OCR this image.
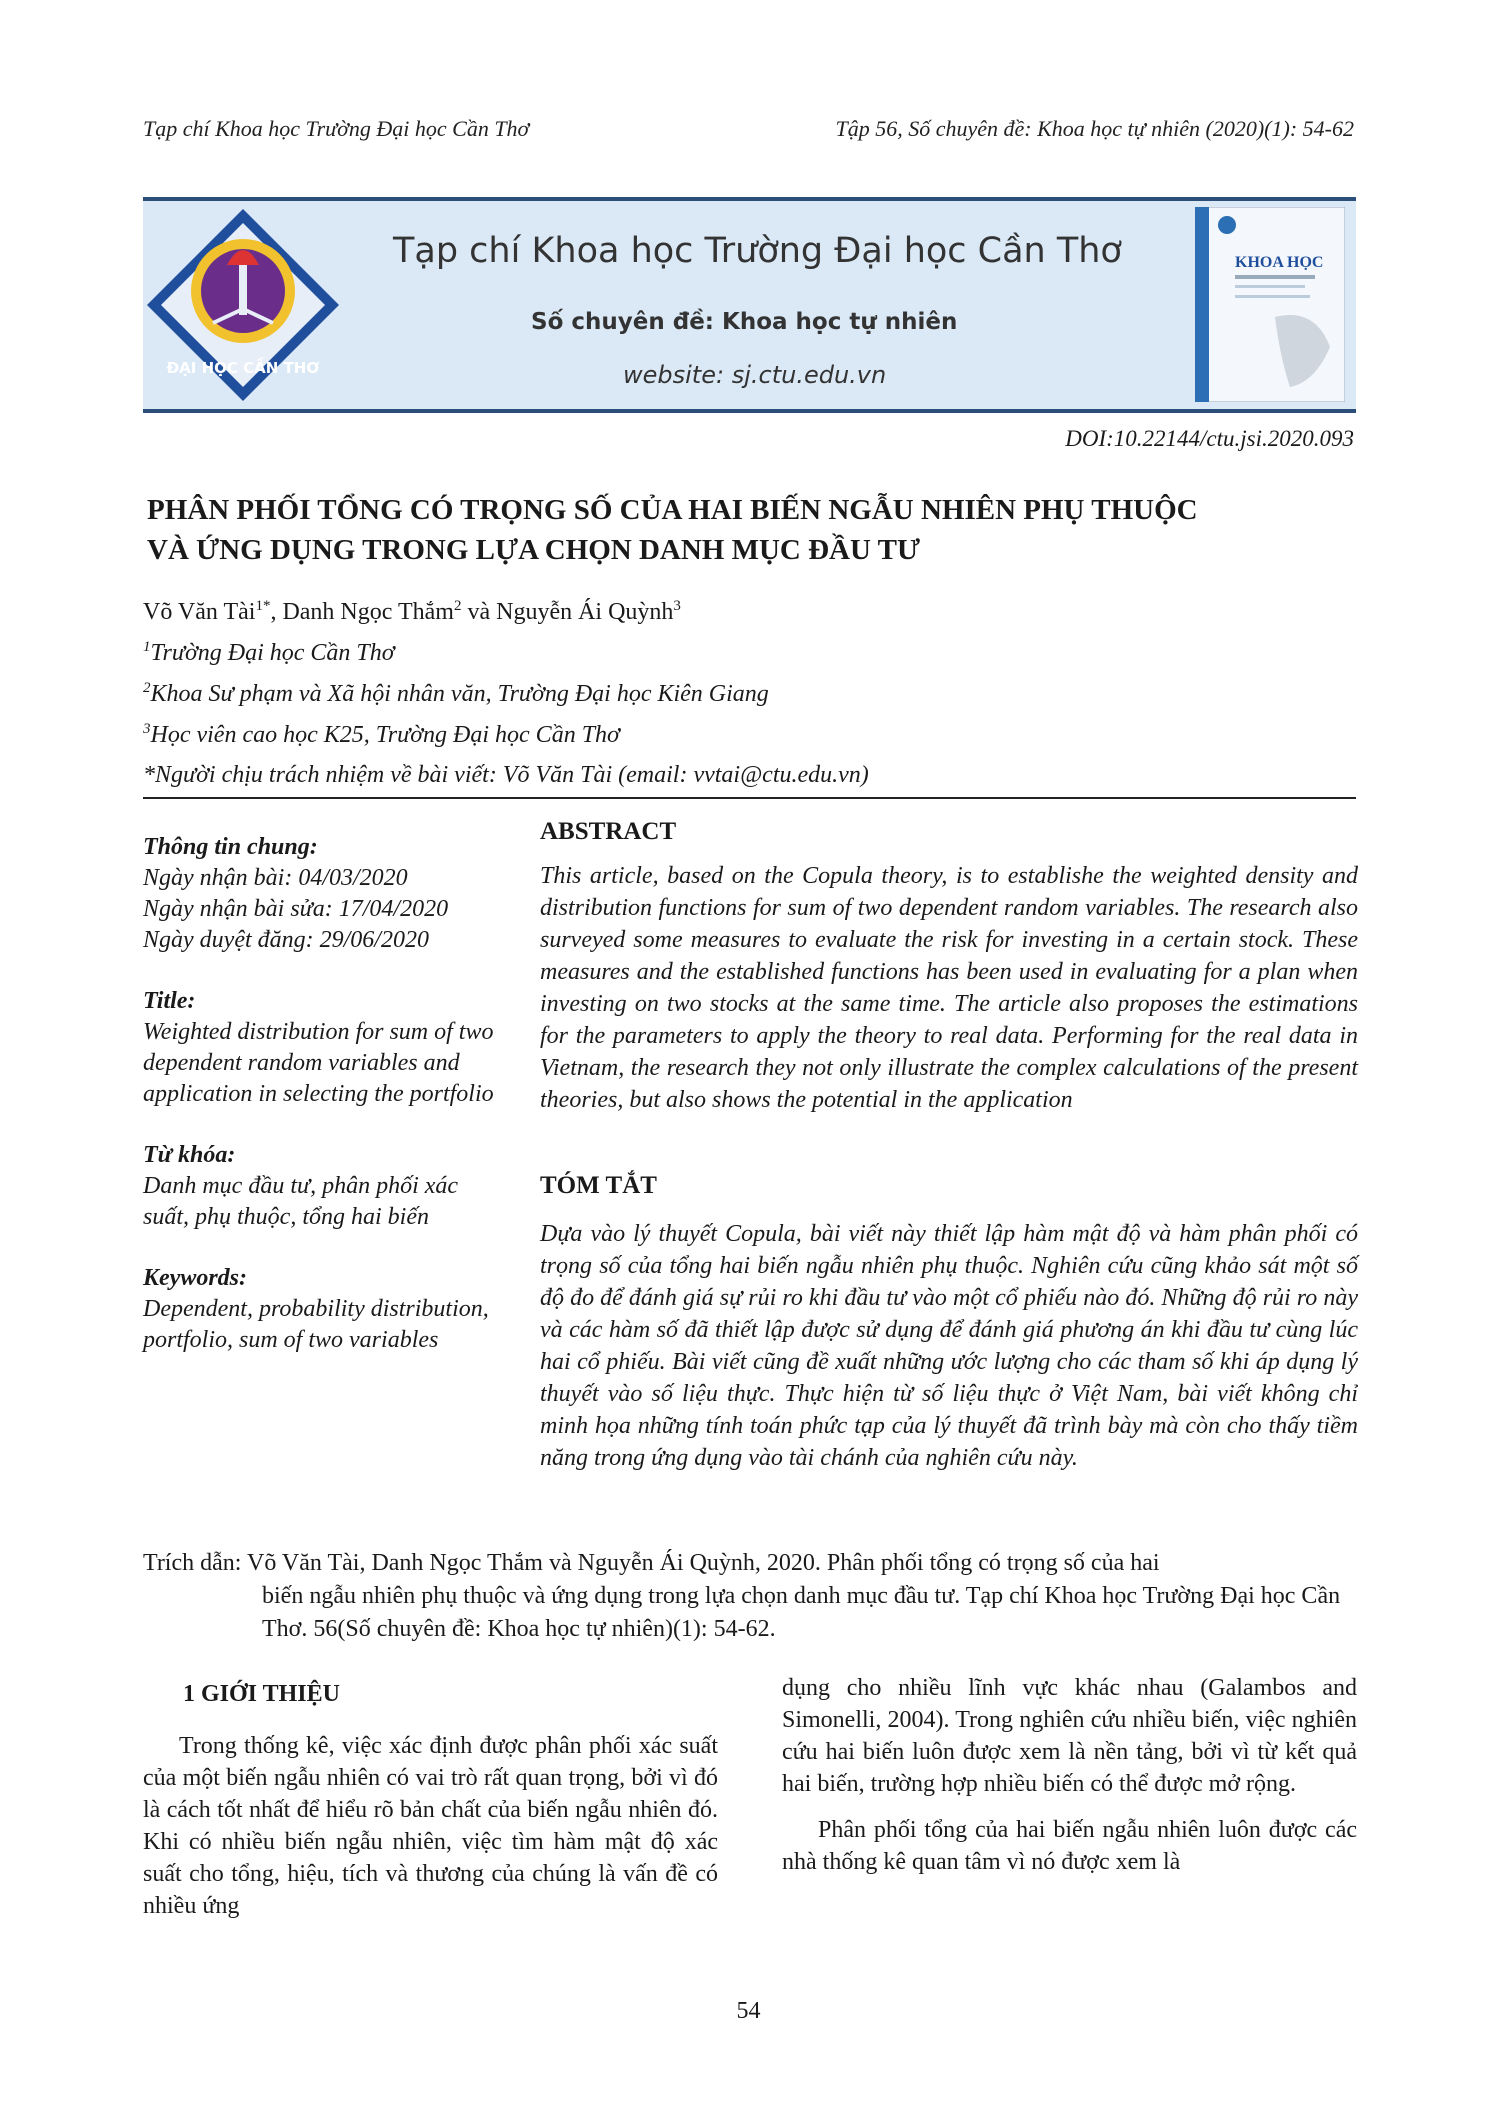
Tạp chí Khoa học Trường Đại học Cần Thơ	Tập 56, Số chuyên đề: Khoa học tự nhiên (2020)(1): 54-62
ĐẠI HỌC CẦN THƠ
Tạp chí Khoa học Trường Đại học Cần Thơ
Số chuyên đề: Khoa học tự nhiên
website: sj.ctu.edu.vn
KHOA HỌC
DOI:10.22144/ctu.jsi.2020.093
PHÂN PHỐI TỔNG CÓ TRỌNG SỐ CỦA HAI BIẾN NGẪU NHIÊN PHỤ THUỘC
VÀ ỨNG DỤNG TRONG LỰA CHỌN DANH MỤC ĐẦU TƯ
Võ Văn Tài$^{1*}$, Danh Ngọc Thắm$^2$ và Nguyễn Ái Quỳnh$^3$
$^1$Trường Đại học Cần Thơ
$^2$Khoa Sư phạm và Xã hội nhân văn, Trường Đại học Kiên Giang
$^3$Học viên cao học K25, Trường Đại học Cần Thơ
*Người chịu trách nhiệm về bài viết: Võ Văn Tài (email: vvtai@ctu.edu.vn)
Thông tin chung:
Ngày nhận bài: 04/03/2020
Ngày nhận bài sửa: 17/04/2020
Ngày duyệt đăng: 29/06/2020
Title:
Weighted distribution for sum of two dependent random variables and application in selecting the portfolio
Từ khóa:
Danh mục đầu tư, phân phối xác suất, phụ thuộc, tổng hai biến
Keywords:
Dependent, probability distribution, portfolio, sum of two variables
ABSTRACT
This article, based on the Copula theory, is to establishe the weighted density and distribution functions for sum of two dependent random variables. The research also surveyed some measures to evaluate the risk for investing in a certain stock. These measures and the established functions has been used in evaluating for a plan when investing on two stocks at the same time. The article also proposes the estimations for the parameters to apply the theory to real data. Performing for the real data in Vietnam, the research they not only illustrate the complex calculations of the present theories, but also shows the potential in the application
TÓM TẮT
Dựa vào lý thuyết Copula, bài viết này thiết lập hàm mật độ và hàm phân phối có trọng số của tổng hai biến ngẫu nhiên phụ thuộc. Nghiên cứu cũng khảo sát một số độ đo để đánh giá sự rủi ro khi đầu tư vào một cổ phiếu nào đó. Những độ rủi ro này và các hàm số đã thiết lập được sử dụng để đánh giá phương án khi đầu tư cùng lúc hai cổ phiếu. Bài viết cũng đề xuất những ước lượng cho các tham số khi áp dụng lý thuyết vào số liệu thực. Thực hiện từ số liệu thực ở Việt Nam, bài viết không chỉ minh họa những tính toán phức tạp của lý thuyết đã trình bày mà còn cho thấy tiềm năng trong ứng dụng vào tài chánh của nghiên cứu này.
Trích dẫn: Võ Văn Tài, Danh Ngọc Thắm và Nguyễn Ái Quỳnh, 2020. Phân phối tổng có trọng số của hai
biến ngẫu nhiên phụ thuộc và ứng dụng trong lựa chọn danh mục đầu tư. Tạp chí Khoa học Trường Đại học Cần Thơ. 56(Số chuyên đề: Khoa học tự nhiên)(1): 54-62.
1 GIỚI THIỆU
Trong thống kê, việc xác định được phân phối xác suất của một biến ngẫu nhiên có vai trò rất quan trọng, bởi vì đó là cách tốt nhất để hiểu rõ bản chất của biến ngẫu nhiên đó. Khi có nhiều biến ngẫu nhiên, việc tìm hàm mật độ xác suất cho tổng, hiệu, tích và thương của chúng là vấn đề có nhiều ứng
dụng cho nhiều lĩnh vực khác nhau (Galambos and Simonelli, 2004). Trong nghiên cứu nhiều biến, việc nghiên cứu hai biến luôn được xem là nền tảng, bởi vì từ kết quả hai biến, trường hợp nhiều biến có thể được mở rộng.
Phân phối tổng của hai biến ngẫu nhiên luôn được các nhà thống kê quan tâm vì nó được xem là
54
